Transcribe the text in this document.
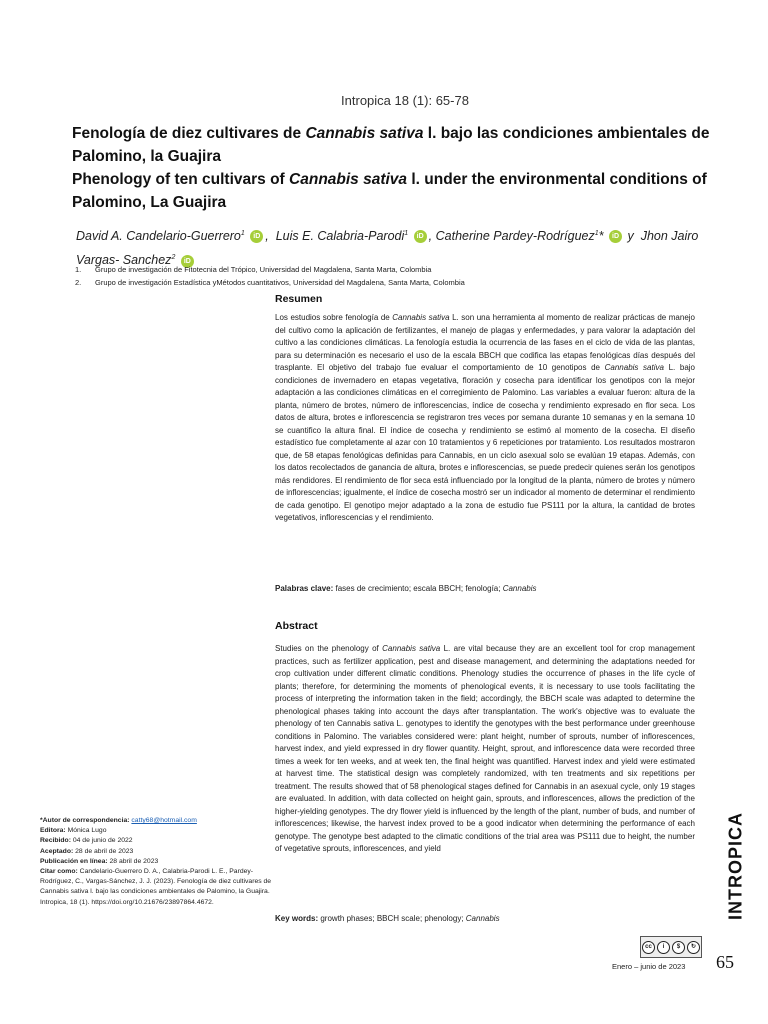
Intropica 18 (1): 65-78
Fenología de diez cultivares de Cannabis sativa l. bajo las condiciones ambientales de
Palomino, la Guajira
Phenology of ten cultivars of Cannabis sativa l. under the environmental conditions of
Palomino, La Guajira
David A. Candelario-Guerrero$^1$ iD , Luis E. Calabria-Parodi$^1$ iD , Catherine Pardey-Rodríguez$^1$* iD y Jhon Jairo
Vargas- Sanchez$^2$ iD
1. Grupo de investigación de Fitotecnia del Trópico, Universidad del Magdalena, Santa Marta, Colombia
2. Grupo de investigación Estadística yMétodos cuantitativos, Universidad del Magdalena, Santa Marta, Colombia
Resumen
Los estudios sobre fenología de Cannabis sativa L. son una herramienta al momento de realizar prácticas de manejo del cultivo como la aplicación de fertilizantes, el manejo de plagas y enfermedades, y para valorar la adaptación del cultivo a las condiciones climáticas. La fenología estudia la ocurrencia de las fases en el ciclo de vida de las plantas, para su determinación es necesario el uso de la escala BBCH que codifica las etapas fenológicas días después del trasplante. El objetivo del trabajo fue evaluar el comportamiento de 10 genotipos de Cannabis sativa L. bajo condiciones de invernadero en etapas vegetativa, floración y cosecha para identificar los genotipos con la mejor adaptación a las condiciones climáticas en el corregimiento de Palomino. Las variables a evaluar fueron: altura de la planta, número de brotes, número de inflorescencias, índice de cosecha y rendimiento expresado en flor seca. Los datos de altura, brotes e inflorescencia se registraron tres veces por semana durante 10 semanas y en la semana 10 se cuantifico la altura final. El índice de cosecha y rendimiento se estimó al momento de la cosecha. El diseño estadístico fue completamente al azar con 10 tratamientos y 6 repeticiones por tratamiento. Los resultados mostraron que, de 58 etapas fenológicas definidas para Cannabis, en un ciclo asexual solo se evalúan 19 etapas. Además, con los datos recolectados de ganancia de altura, brotes e inflorescencias, se puede predecir quienes serán los genotipos más rendidores. El rendimiento de flor seca está influenciado por la longitud de la planta, número de brotes y número de inflorescencias; igualmente, el índice de cosecha mostró ser un indicador al momento de determinar el rendimiento de cada genotipo. El genotipo mejor adaptado a la zona de estudio fue PS111 por la altura, la cantidad de brotes vegetativos, inflorescencias y el rendimiento.
Palabras clave: fases de crecimiento; escala BBCH; fenología; Cannabis
Abstract
Studies on the phenology of Cannabis sativa L. are vital because they are an excellent tool for crop management practices, such as fertilizer application, pest and disease management, and determining the adaptations needed for crop cultivation under different climatic conditions. Phenology studies the occurrence of phases in the life cycle of plants; therefore, for determining the moments of phenological events, it is necessary to use tools facilitating the process of interpreting the information taken in the field; accordingly, the BBCH scale was adapted to determine the phenological phases taking into account the days after transplantation. The work's objective was to evaluate the phenology of ten Cannabis sativa L. genotypes to identify the genotypes with the best performance under greenhouse conditions in Palomino. The variables considered were: plant height, number of sprouts, number of inflorescences, harvest index, and yield expressed in dry flower quantity. Height, sprout, and inflorescence data were recorded three times a week for ten weeks, and at week ten, the final height was quantified. Harvest index and yield were estimated at harvest time. The statistical design was completely randomized, with ten treatments and six repetitions per treatment. The results showed that of 58 phenological stages defined for Cannabis in an asexual cycle, only 19 stages are evaluated. In addition, with data collected on height gain, sprouts, and inflorescences, allows the prediction of the higher-yielding genotypes. The dry flower yield is influenced by the length of the plant, number of buds, and number of inflorescences; likewise, the harvest index proved to be a good indicator when determining the performance of each genotype. The genotype best adapted to the climatic conditions of the trial area was PS111 due to height, the number of vegetative sprouts, inflorescences, and yield
Key words: growth phases; BBCH scale; phenology; Cannabis
*Autor de correspondencia: catty68@hotmail.com
Editora: Mónica Lugo
Recibido: 04 de junio de 2022
Aceptado: 28 de abril de 2023
Publicación en línea: 28 abril de 2023
Citar como: Candelario-Guerrero D. A., Calabria-Parodi L. E., Pardey-Rodríguez, C., Vargas-Sánchez, J. J. (2023). Fenología de diez cultivares de Cannabis sativa l. bajo las condiciones ambientales de Palomino, la Guajira. Intropica, 18 (1). https://doi.org/10.21676/23897864.4672.	INTROPICA
cc	i	$	↻
Enero – junio de 2023 65
